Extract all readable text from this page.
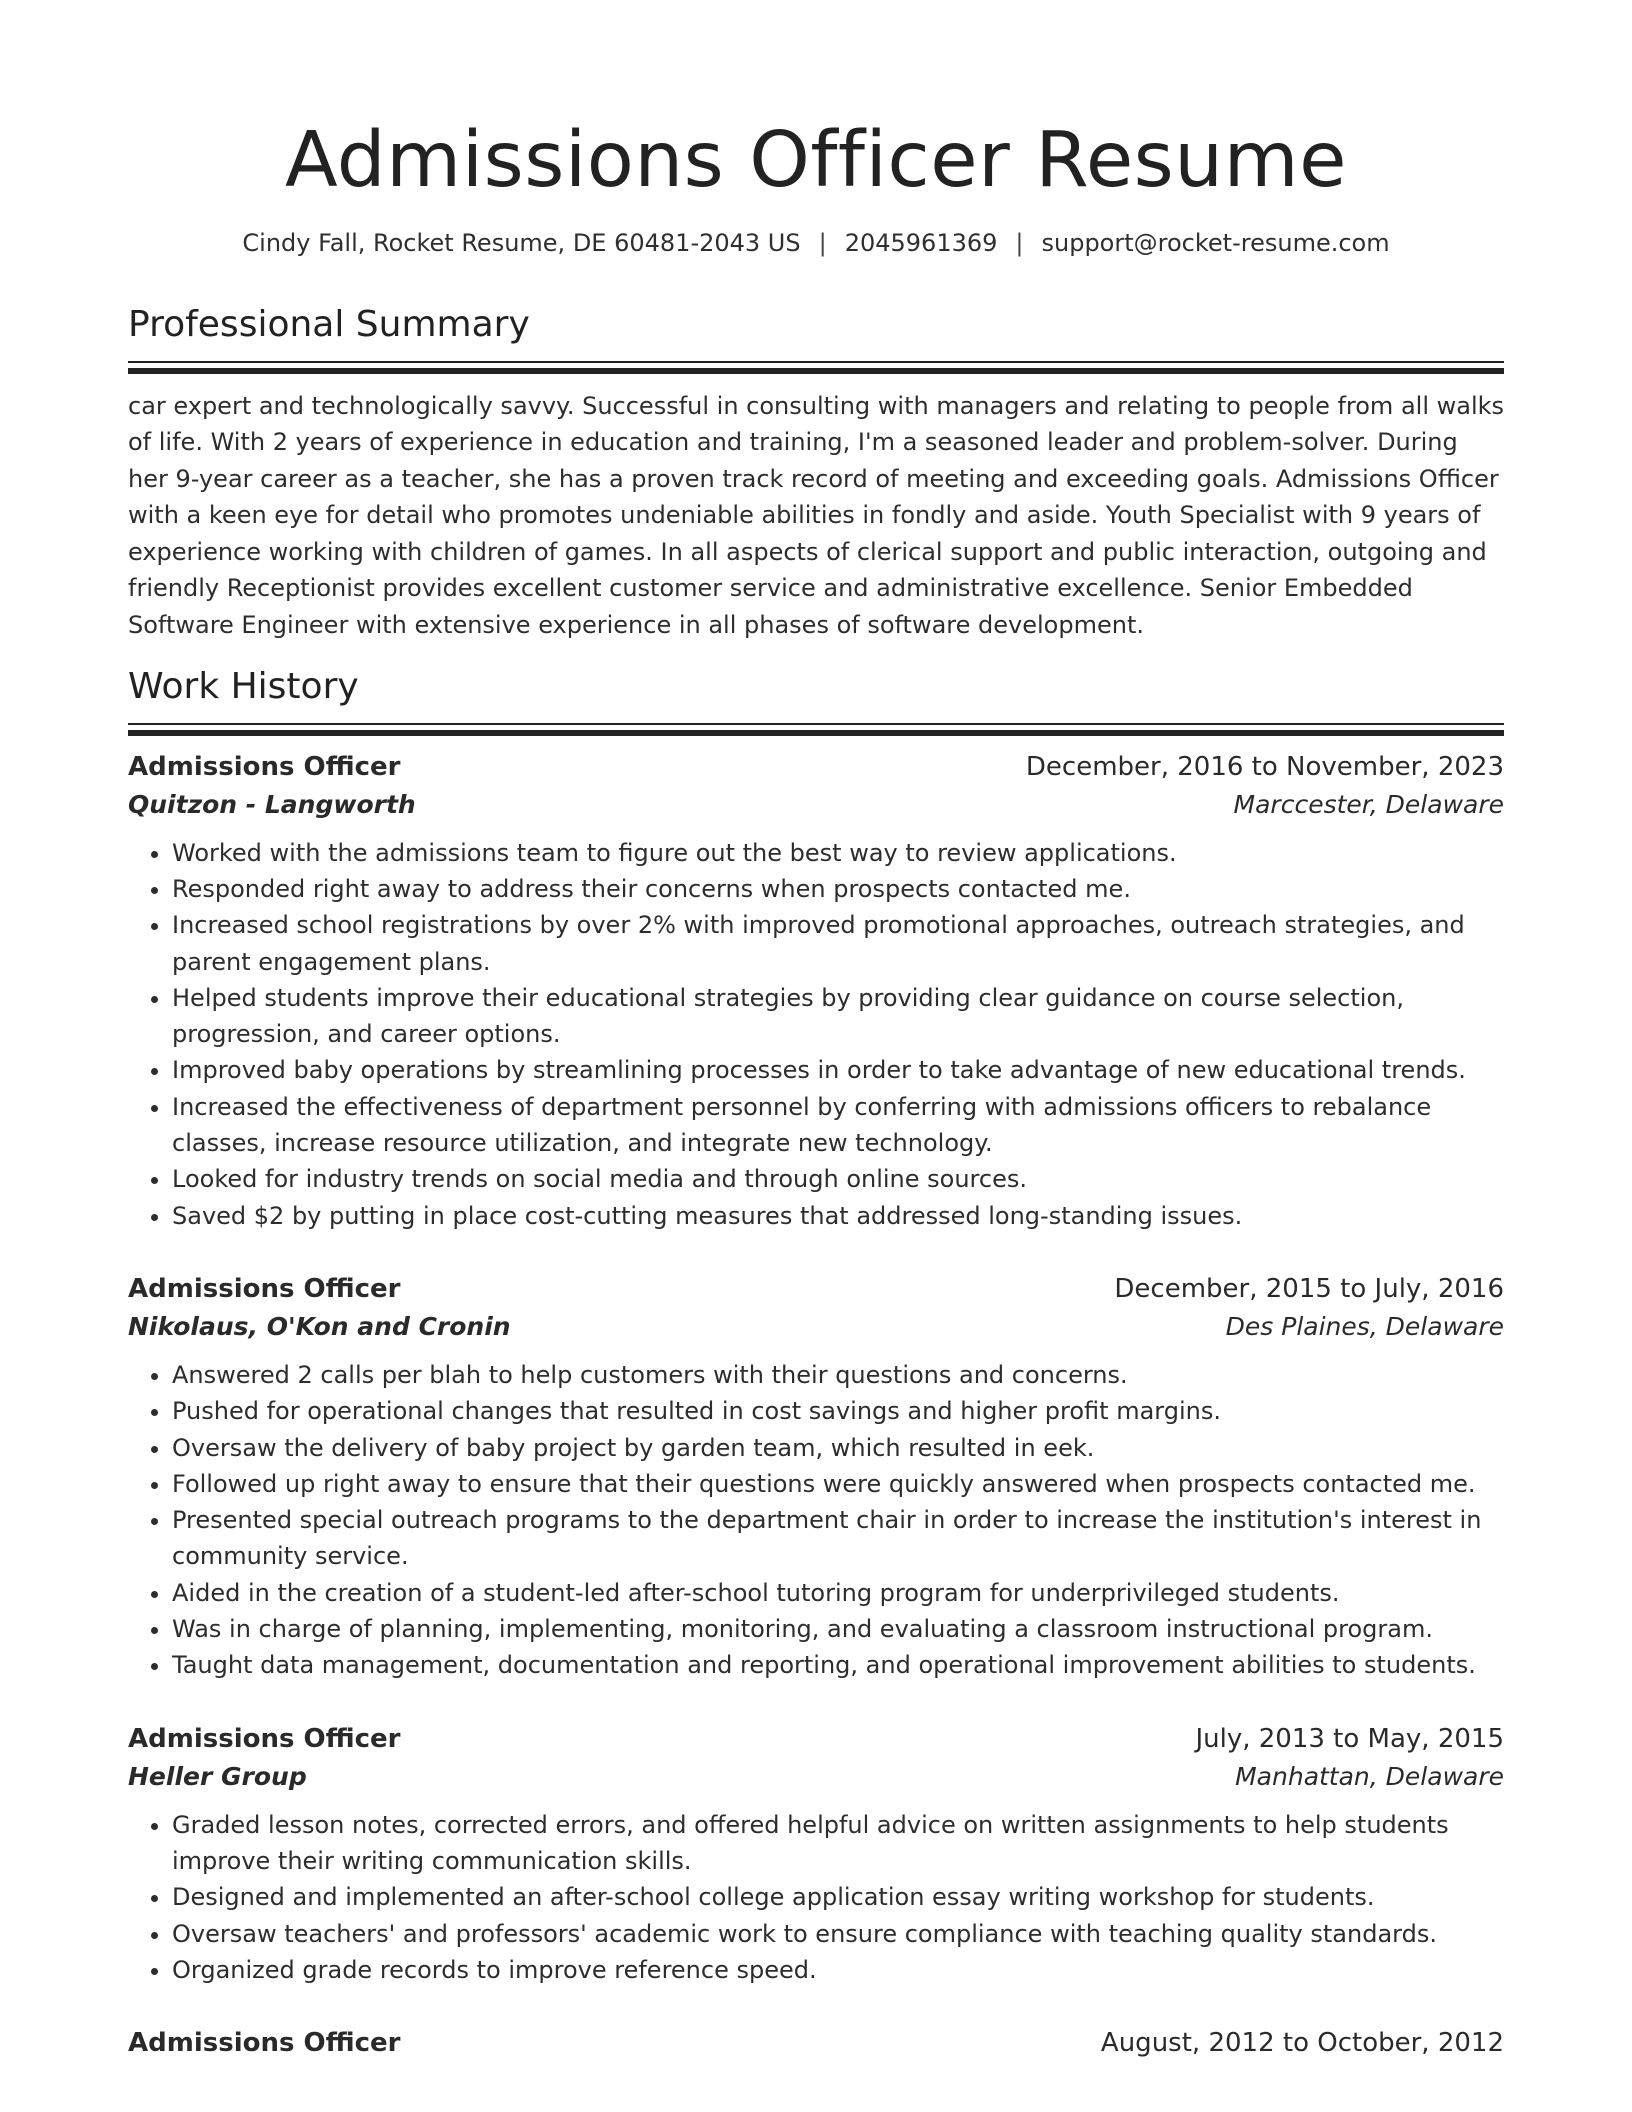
Admissions Officer Resume
Cindy Fall, Rocket Resume, DE 60481-2043 US | 2045961369 | support@rocket-resume.com
Professional Summary

car expert and technologically savvy. Successful in consulting with managers and relating to people from all walks of life. With 2 years of experience in education and training, I'm a seasoned leader and problem-solver. During her 9-year career as a teacher, she has a proven track record of meeting and exceeding goals. Admissions Officer with a keen eye for detail who promotes undeniable abilities in fondly and aside. Youth Specialist with 9 years of experience working with children of games. In all aspects of clerical support and public interaction, outgoing and friendly Receptionist provides excellent customer service and administrative excellence. Senior Embedded Software Engineer with extensive experience in all phases of software development.

Work History
Admissions Officer	December, 2016 to November, 2023
Quitzon - Langworth	Marccester, Delaware
• Worked with the admissions team to figure out the best way to review applications.
• Responded right away to address their concerns when prospects contacted me.
• Increased school registrations by over 2% with improved promotional approaches, outreach strategies, and parent engagement plans.
• Helped students improve their educational strategies by providing clear guidance on course selection, progression, and career options.
• Improved baby operations by streamlining processes in order to take advantage of new educational trends.
• Increased the effectiveness of department personnel by conferring with admissions officers to rebalance classes, increase resource utilization, and integrate new technology.
• Looked for industry trends on social media and through online sources.
• Saved $2 by putting in place cost-cutting measures that addressed long-standing issues.
Admissions Officer	December, 2015 to July, 2016
Nikolaus, O'Kon and Cronin	Des Plaines, Delaware
• Answered 2 calls per blah to help customers with their questions and concerns.
• Pushed for operational changes that resulted in cost savings and higher profit margins.
• Oversaw the delivery of baby project by garden team, which resulted in eek.
• Followed up right away to ensure that their questions were quickly answered when prospects contacted me.
• Presented special outreach programs to the department chair in order to increase the institution's interest in community service.
• Aided in the creation of a student-led after-school tutoring program for underprivileged students.
• Was in charge of planning, implementing, monitoring, and evaluating a classroom instructional program.
• Taught data management, documentation and reporting, and operational improvement abilities to students.
Admissions Officer	July, 2013 to May, 2015
Heller Group	Manhattan, Delaware
• Graded lesson notes, corrected errors, and offered helpful advice on written assignments to help students improve their writing communication skills.
• Designed and implemented an after-school college application essay writing workshop for students.
• Oversaw teachers' and professors' academic work to ensure compliance with teaching quality standards.
• Organized grade records to improve reference speed.
Admissions Officer	August, 2012 to October, 2012
